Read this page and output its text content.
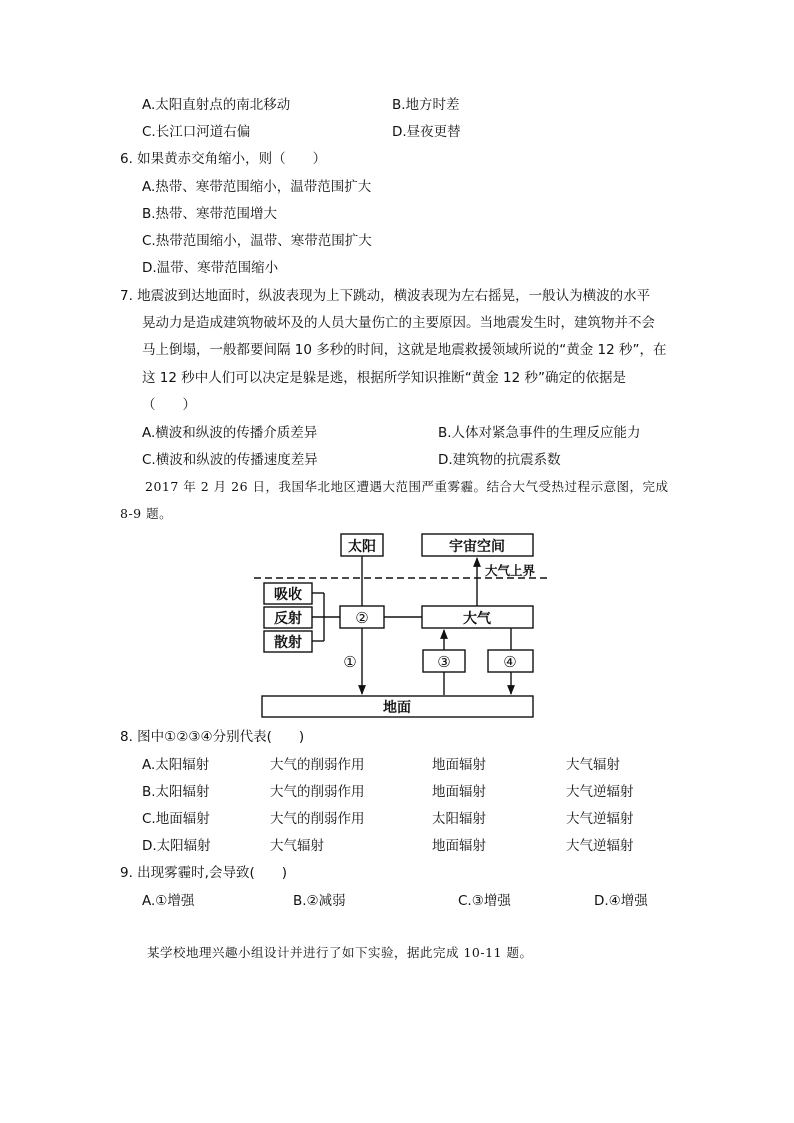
A.太阳直射点的南北移动	B.地方时差
C.长江口河道右偏	D.昼夜更替
6. 如果黄赤交角缩小，则（　　）
A.热带、寒带范围缩小，温带范围扩大
B.热带、寒带范围增大
C.热带范围缩小，温带、寒带范围扩大
D.温带、寒带范围缩小
7. 地震波到达地面时，纵波表现为上下跳动，横波表现为左右摇晃，一般认为横波的水平
晃动力是造成建筑物破坏及的人员大量伤亡的主要原因。当地震发生时，建筑物并不会
马上倒塌，一般都要间隔 10 多秒的时间，这就是地震救援领域所说的“黄金 12 秒”，在
这 12 秒中人们可以决定是躲是逃，根据所学知识推断“黄金 12 秒”确定的依据是
（　　）
A.横波和纵波的传播介质差异	B.人体对紧急事件的生理反应能力
C.横波和纵波的传播速度差异	D.建筑物的抗震系数
2017 年 2 月 26 日，我国华北地区遭遇大范围严重雾霾。结合大气受热过程示意图，完成
8-9 题。
太阳	宇宙空间
吸收
反射
散射
大气
地面
②
①	③	④
大气上界
8. 图中①②③④分别代表(　　)
A.太阳辐射	大气的削弱作用	地面辐射	大气辐射
B.太阳辐射	大气的削弱作用	地面辐射	大气逆辐射
C.地面辐射	大气的削弱作用	太阳辐射	大气逆辐射
D.太阳辐射	大气辐射	地面辐射	大气逆辐射
9. 出现雾霾时,会导致(　　)
A.①增强	B.②减弱	C.③增强	D.④增强
某学校地理兴趣小组设计并进行了如下实验，据此完成 10-11 题。
